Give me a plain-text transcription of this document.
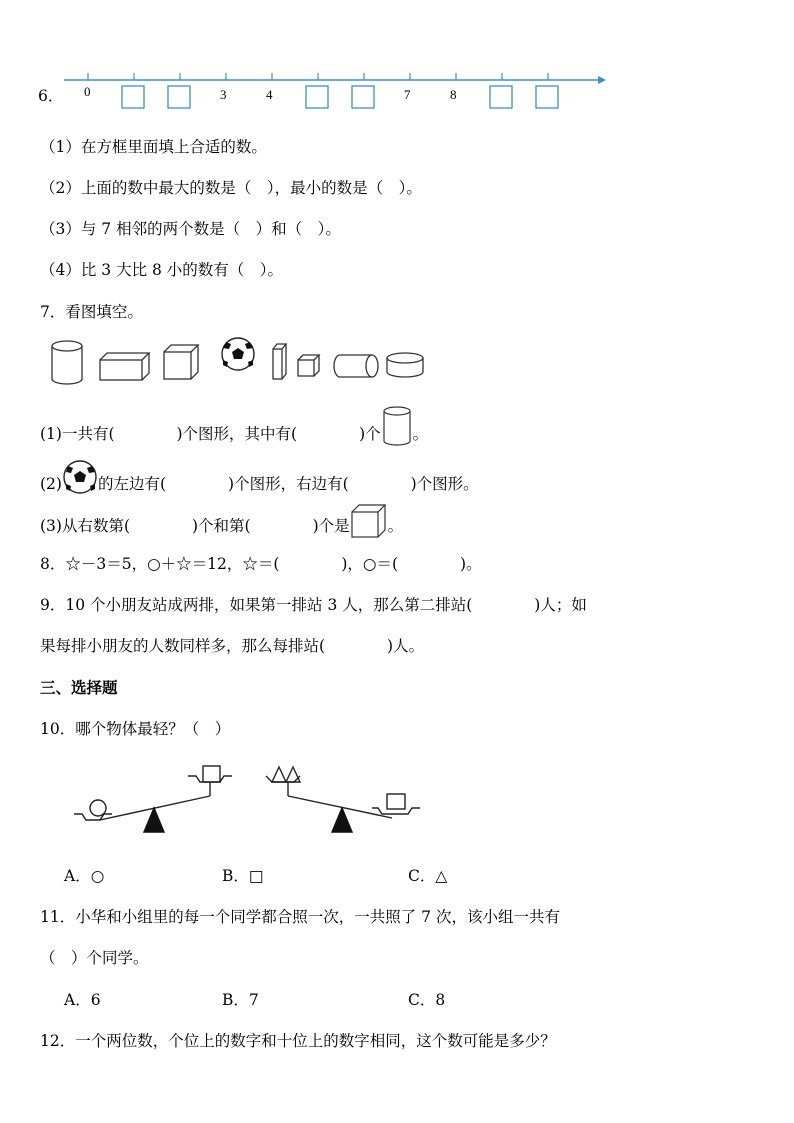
6． 0	3	4	7	8
（1）在方框里面填上合适的数。
（2）上面的数中最大的数是（　），最小的数是（　）。
（3）与 7 相邻的两个数是（　）和（　）。
（4）比 3 大比 8 小的数有（　）。
7．看图填空。
(1)一共有(　　　　)个图形，其中有(　　　　)个 。
(2) 的左边有(　　　　)个图形，右边有(　　　　)个图形。
(3)从右数第(　　　　)个和第(　　　　)个是 。
8．☆－3＝5，○＋☆＝12，☆＝(　　　　)，○＝(　　　　)。
9．10 个小朋友站成两排，如果第一排站 3 人，那么第二排站(　　　　)人；如
果每排小朋友的人数同样多，那么每排站(　　　　)人。
三、选择题
10．哪个物体最轻？（　）
A．○	B．□	C．△
11．小华和小组里的每一个同学都合照一次，一共照了 7 次，该小组一共有
（　）个同学。
A．6	B．7	C．8
12．一个两位数，个位上的数字和十位上的数字相同，这个数可能是多少？
